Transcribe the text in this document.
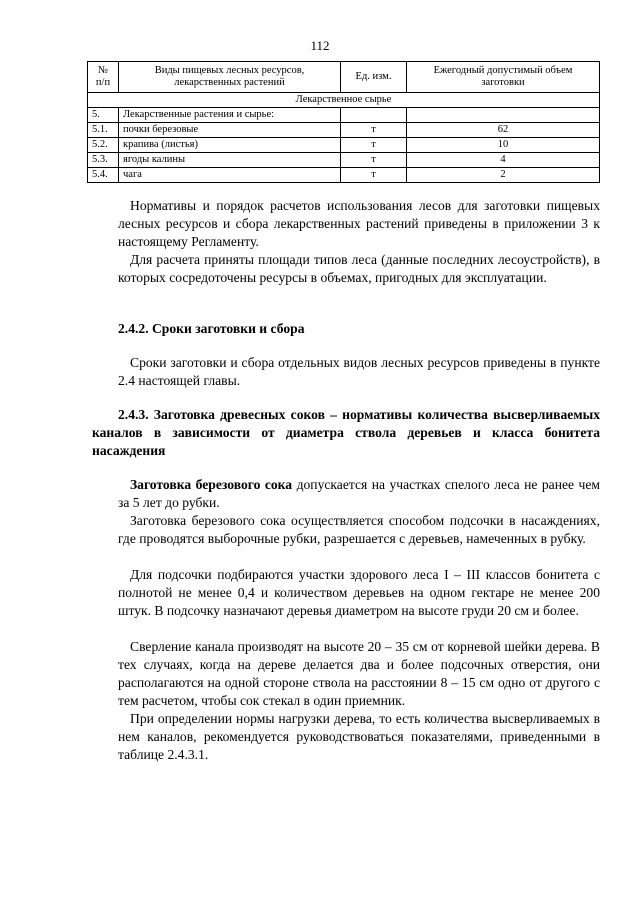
112
№
п/п	Виды пищевых лесных ресурсов, лекарственных растений	Ед. изм.	Ежегодный допустимый объем заготовки
Лекарственное сырье			
5.	Лекарственные растения и сырье:		
5.1.	почки березовые	т	62
5.2.	крапива (листья)	т	10
5.3.	ягоды калины	т	4
5.4.	чага	т	2

Нормативы и порядок расчетов использования лесов для заготовки пищевых лесных ресурсов и сбора лекарственных растений приведены в приложении 3 к настоящему Регламенту.

Для расчета приняты площади типов леса (данные последних лесоустройств), в которых сосредоточены ресурсы в объемах, пригодных для эксплуатации.

2.4.2. Сроки заготовки и сбора

Сроки заготовки и сбора отдельных видов лесных ресурсов приведены в пункте 2.4 настоящей главы.

2.4.3. Заготовка древесных соков – нормативы количества высверливаемых каналов в зависимости от диаметра ствола деревьев и класса бонитета насаждения

Заготовка березового сока допускается на участках спелого леса не ранее чем за 5 лет до рубки.

Заготовка березового сока осуществляется способом подсочки в насаждениях, где проводятся выборочные рубки, разрешается с деревьев, намеченных в рубку.

Для подсочки подбираются участки здорового леса I – III классов бонитета с полнотой не менее 0,4 и количеством деревьев на одном гектаре не менее 200 штук. В подсочку назначают деревья диаметром на высоте груди 20 см и более.

Сверление канала производят на высоте 20 – 35 см от корневой шейки дерева. В тех случаях, когда на дереве делается два и более подсочных отверстия, они располагаются на одной стороне ствола на расстоянии 8 – 15 см одно от другого с тем расчетом, чтобы сок стекал в один приемник.

При определении нормы нагрузки дерева, то есть количества высверливаемых в нем каналов, рекомендуется руководствоваться показателями, приведенными в таблице 2.4.3.1.
